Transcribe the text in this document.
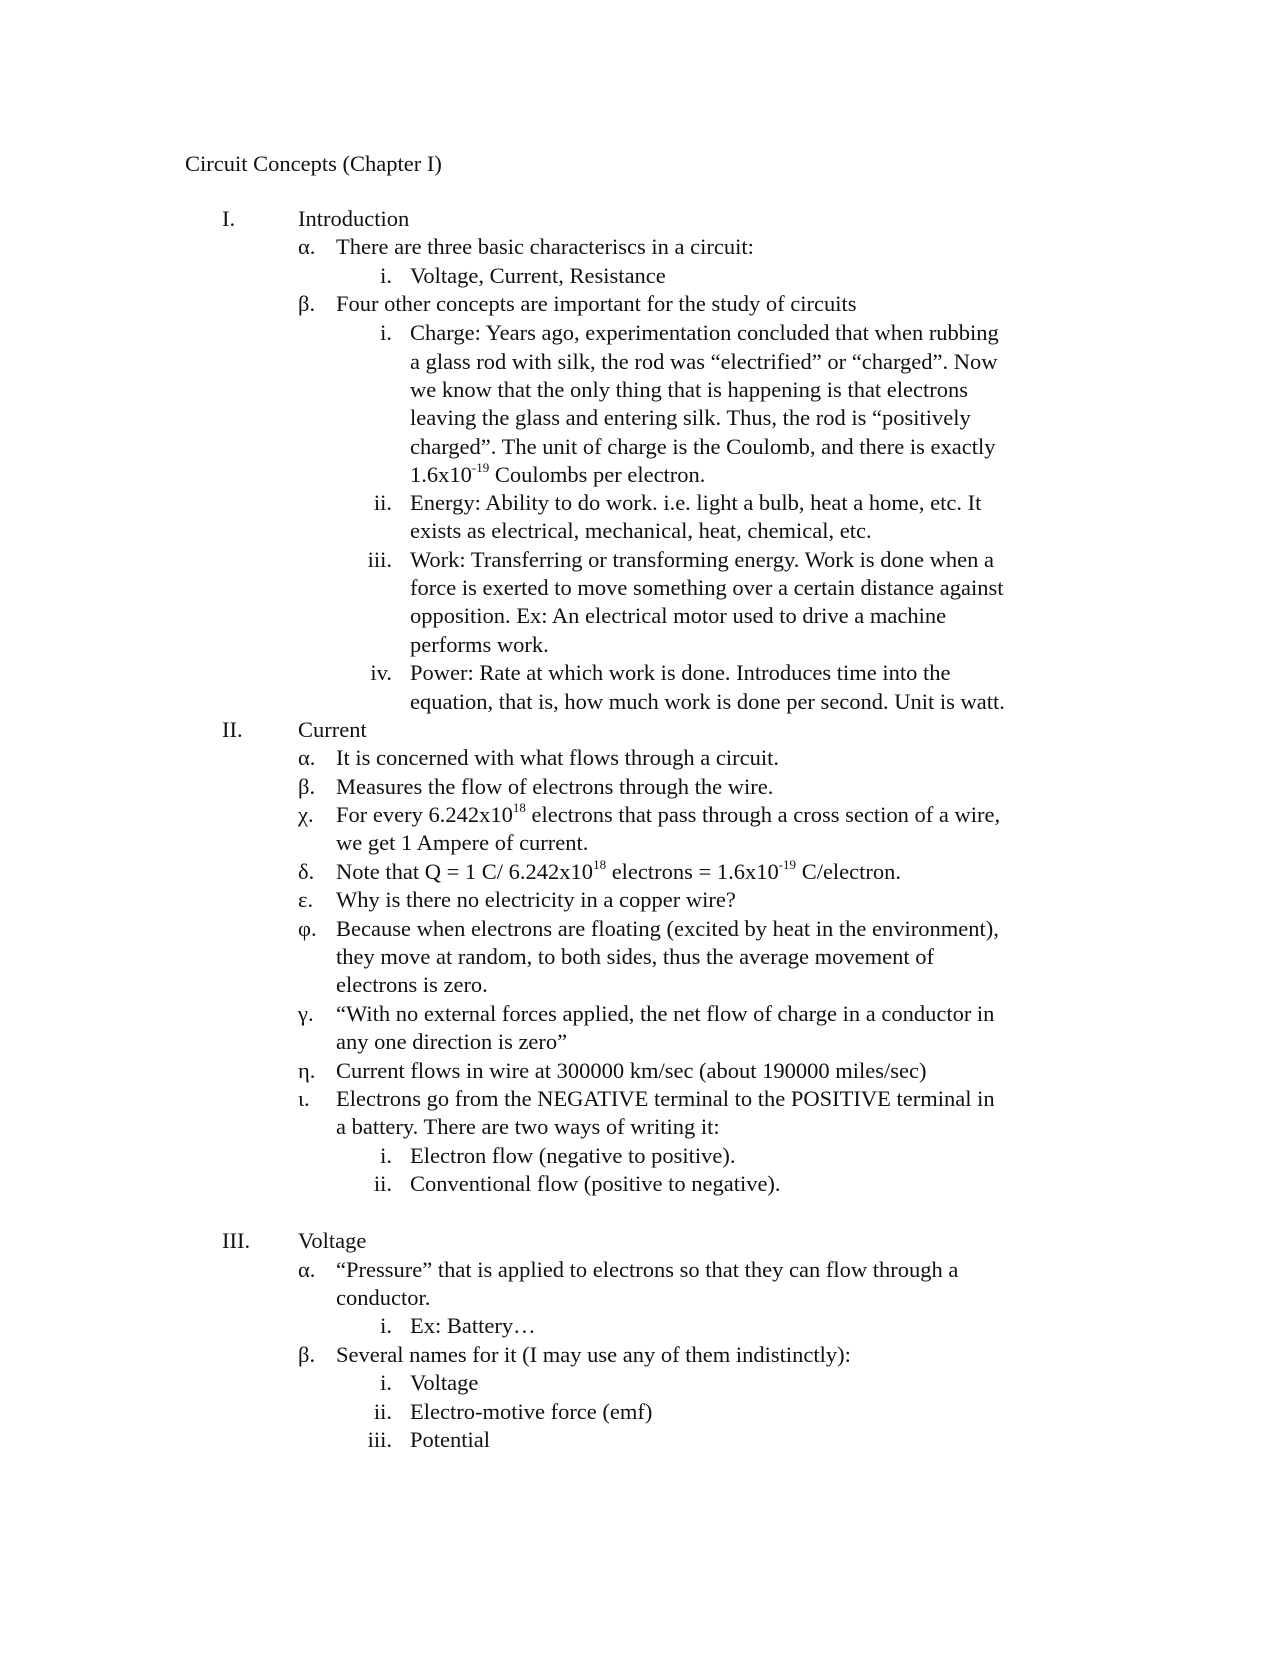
Circuit Concepts (Chapter I)
I.	Introduction
α. There are three basic characteriscs in a circuit:
i. Voltage, Current, Resistance
β. Four other concepts are important for the study of circuits
i. Charge: Years ago, experimentation concluded that when rubbing
a glass rod with silk, the rod was “electrified” or “charged”. Now
we know that the only thing that is happening is that electrons
leaving the glass and entering silk. Thus, the rod is “positively
charged”. The unit of charge is the Coulomb, and there is exactly
$1.6x10^{-19}$ Coulombs per electron.
ii. Energy: Ability to do work. i.e. light a bulb, heat a home, etc. It
exists as electrical, mechanical, heat, chemical, etc.
iii. Work: Transferring or transforming energy. Work is done when a
force is exerted to move something over a certain distance against
opposition. Ex: An electrical motor used to drive a machine
performs work.
iv. Power: Rate at which work is done. Introduces time into the
equation, that is, how much work is done per second. Unit is watt.
II. Current
α. It is concerned with what flows through a circuit.
β. Measures the flow of electrons through the wire.
χ. For every $6.242x10^{18}$ electrons that pass through a cross section of a wire,
we get 1 Ampere of current.
δ. Note that Q = 1 C/ $6.242x10^{18}$ electrons = $1.6x10^{-19}$ C/electron.
ε.	Why is there no electricity in a copper wire?
φ. Because when electrons are floating (excited by heat in the environment),
they move at random, to both sides, thus the average movement of
electrons is zero.
γ. “With no external forces applied, the net flow of charge in a conductor in
any one direction is zero”
η. Current flows in wire at 300000 km/sec (about 190000 miles/sec)
ι.	Electrons go from the NEGATIVE terminal to the POSITIVE terminal in
a battery. There are two ways of writing it:
i. Electron flow (negative to positive).
ii. Conventional flow (positive to negative).
III. Voltage
α. “Pressure” that is applied to electrons so that they can flow through a
conductor.
i. Ex: Battery…
β. Several names for it (I may use any of them indistinctly):
i. Voltage
ii. Electro-motive force (emf)
iii. Potential
